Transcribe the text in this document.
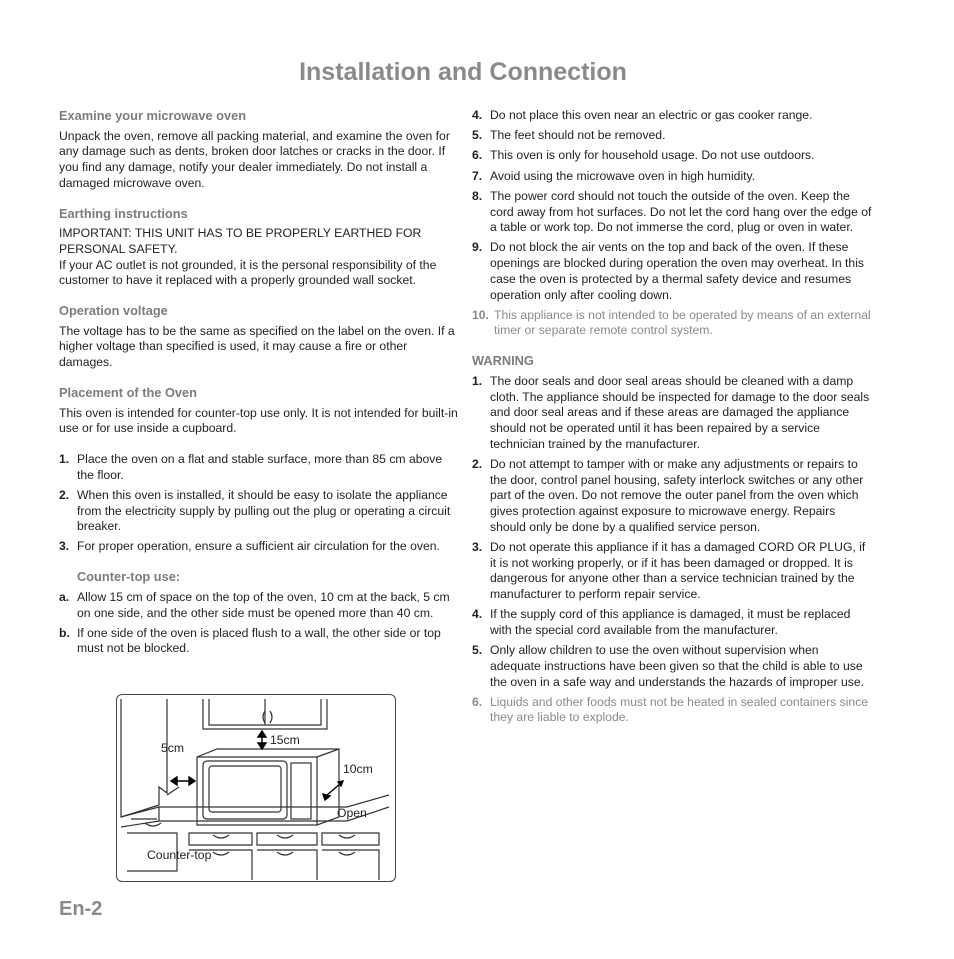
Installation and Connection
Examine your microwave oven

Unpack the oven, remove all packing material, and examine the oven for any damage such as dents, broken door latches or cracks in the door. If you find any damage, notify your dealer immediately. Do not install a damaged microwave oven.

Earthing instructions

IMPORTANT: THIS UNIT HAS TO BE PROPERLY EARTHED FOR PERSONAL SAFETY.

If your AC outlet is not grounded, it is the personal responsibility of the customer to have it replaced with a properly grounded wall socket.

Operation voltage

The voltage has to be the same as specified on the label on the oven. If a higher voltage than specified is used, it may cause a fire or other damages.

Placement of the Oven

This oven is intended for counter-top use only. It is not intended for built-in use or for use inside a cupboard.

1. Place the oven on a flat and stable surface, more than 85 cm above the floor.
2. When this oven is installed, it should be easy to isolate the appliance from the electricity supply by pulling out the plug or operating a circuit breaker.
3. For proper operation, ensure a sufficient air circulation for the oven.
Counter-top use:
a. Allow 15 cm of space on the top of the oven, 10 cm at the back, 5 cm on one side, and the other side must be opened more than 40 cm.
b. If one side of the oven is placed flush to a wall, the other side or top must not be blocked.
5cm
15cm
10cm
Open
Counter-top
4. Do not place this oven near an electric or gas cooker range.
5. The feet should not be removed.
6. This oven is only for household usage. Do not use outdoors.
7. Avoid using the microwave oven in high humidity.
8. The power cord should not touch the outside of the oven. Keep the cord away from hot surfaces. Do not let the cord hang over the edge of a table or work top. Do not immerse the cord, plug or oven in water.
9. Do not block the air vents on the top and back of the oven. If these openings are blocked during operation the oven may overheat. In this case the oven is protected by a thermal safety device and resumes operation only after cooling down.
10. This appliance is not intended to be operated by means of an external timer or separate remote control system.
WARNING
1. The door seals and door seal areas should be cleaned with a damp cloth. The appliance should be inspected for damage to the door seals and door seal areas and if these areas are damaged the appliance should not be operated until it has been repaired by a service technician trained by the manufacturer.
2. Do not attempt to tamper with or make any adjustments or repairs to the door, control panel housing, safety interlock switches or any other part of the oven. Do not remove the outer panel from the oven which gives protection against exposure to microwave energy. Repairs should only be done by a qualified service person.
3. Do not operate this appliance if it has a damaged CORD OR PLUG, if it is not working properly, or if it has been damaged or dropped. It is dangerous for anyone other than a service technician trained by the manufacturer to perform repair service.
4. If the supply cord of this appliance is damaged, it must be replaced with the special cord available from the manufacturer.
5. Only allow children to use the oven without supervision when adequate instructions have been given so that the child is able to use the oven in a safe way and understands the hazards of improper use.
6. Liquids and other foods must not be heated in sealed containers since they are liable to explode.
En-2
